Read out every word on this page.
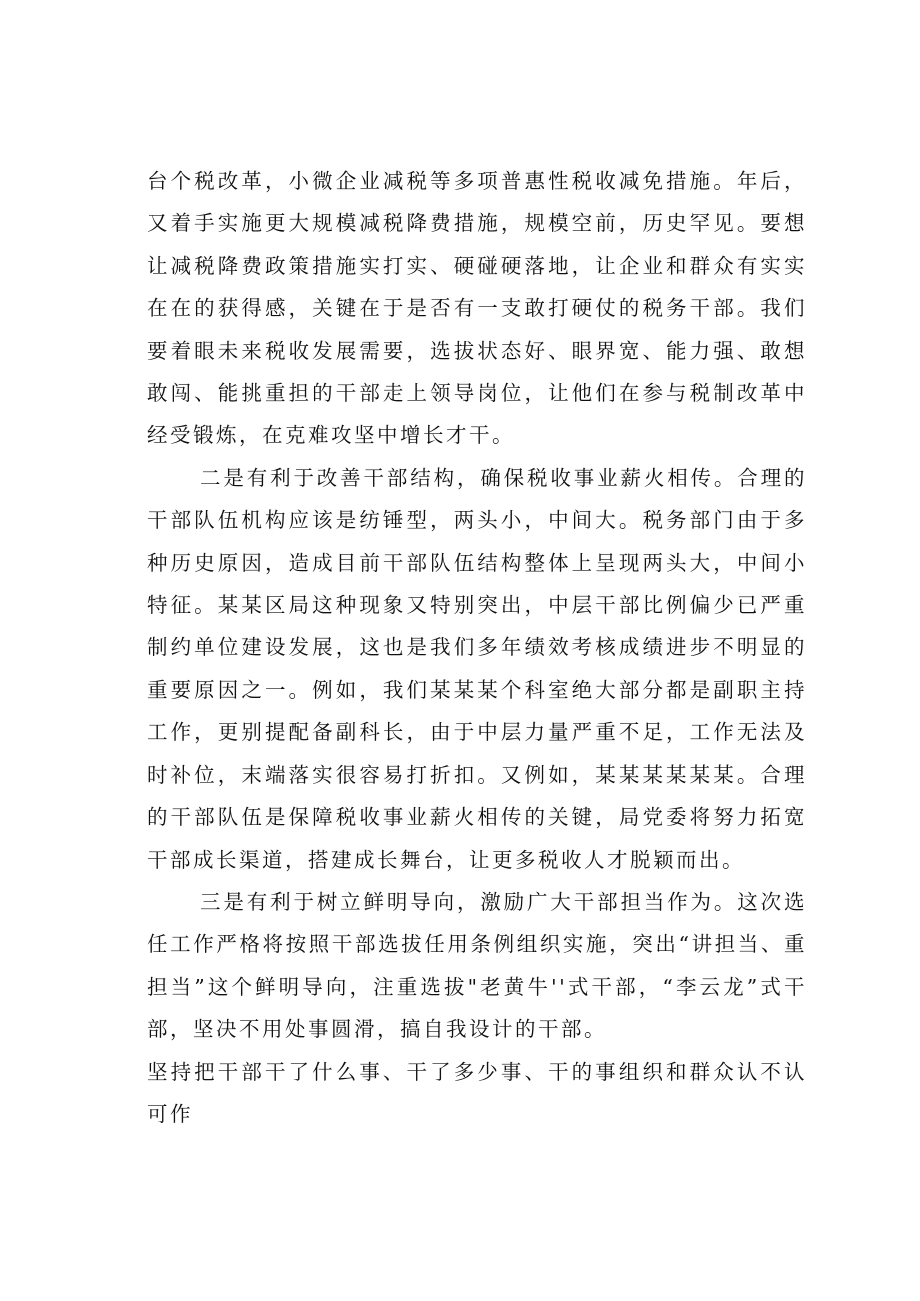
台个税改革，小微企业减税等多项普惠性税收减免措施。年后，又着手实施更大规模减税降费措施，规模空前，历史罕见。要想让减税降费政策措施实打实、硬碰硬落地，让企业和群众有实实在在的获得感，关键在于是否有一支敢打硬仗的税务干部。我们要着眼未来税收发展需要，选拔状态好、眼界宽、能力强、敢想敢闯、能挑重担的干部走上领导岗位，让他们在参与税制改革中经受锻炼，在克难攻坚中增长才干。

二是有利于改善干部结构，确保税收事业薪火相传。合理的干部队伍机构应该是纺锤型，两头小，中间大。税务部门由于多种历史原因，造成目前干部队伍结构整体上呈现两头大，中间小特征。某某区局这种现象又特别突出，中层干部比例偏少已严重制约单位建设发展，这也是我们多年绩效考核成绩进步不明显的重要原因之一。例如，我们某某某个科室绝大部分都是副职主持工作，更别提配备副科长，由于中层力量严重不足，工作无法及时补位，末端落实很容易打折扣。又例如，某某某某某某。合理的干部队伍是保障税收事业薪火相传的关键，局党委将努力拓宽干部成长渠道，搭建成长舞台，让更多税收人才脱颖而出。

三是有利于树立鲜明导向，激励广大干部担当作为。这次选任工作严格将按照干部选拔任用条例组织实施，突出“讲担当、重担当”这个鲜明导向，注重选拔"老黄牛''式干部，“李云龙”式干部，坚决不用处事圆滑，搞自我设计的干部。

坚持把干部干了什么事、干了多少事、干的事组织和群众认不认可作
